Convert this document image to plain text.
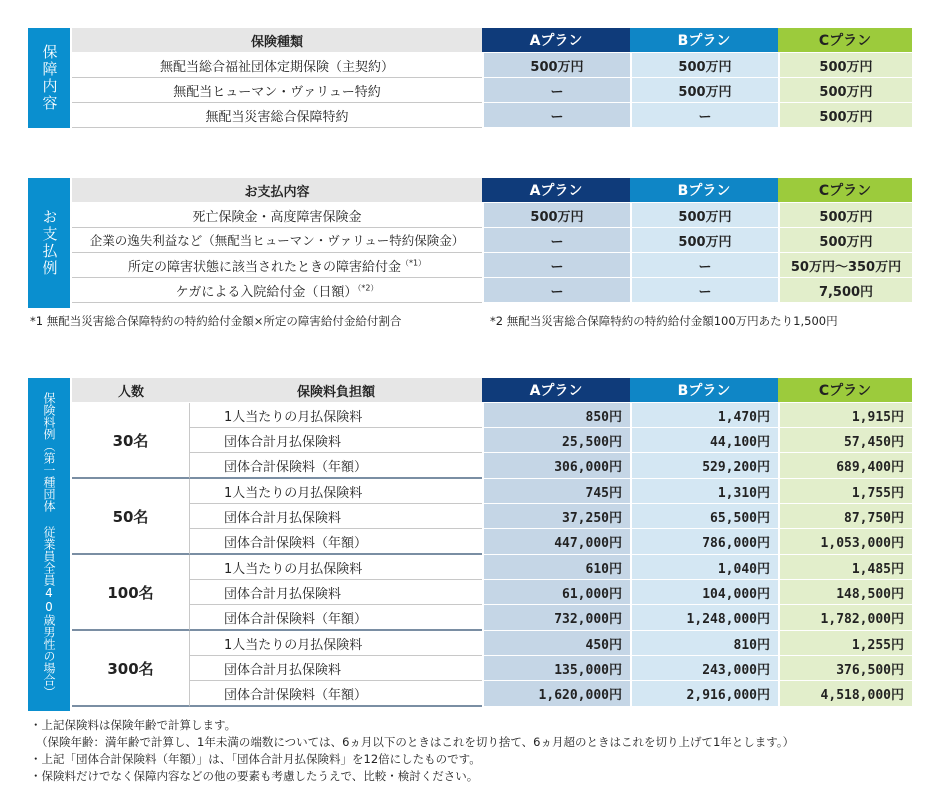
保障内容
保険種類	Aプラン	Bプラン	Cプラン
無配当総合福祉団体定期保険（主契約）	500万円	500万円	500万円
無配当ヒューマン・ヴァリュー特約	ー	500万円	500万円
無配当災害総合保障特約	ー	ー	500万円
お支払例
お支払内容	Aプラン	Bプラン	Cプラン
死亡保険金・高度障害保険金	500万円	500万円	500万円
企業の逸失利益など（無配当ヒューマン・ヴァリュー特約保険金）	ー	500万円	500万円
所定の障害状態に該当されたときの障害給付金$^{(*1)}$	ー	ー	50万円〜350万円
ケガによる入院給付金（日額）$^{(*2)}$	ー	ー	7,500円
*1 無配当災害総合保障特約の特約給付金額×所定の障害給付金給付割合	*2 無配当災害総合保障特約の特約給付金額100万円あたり1,500円
保険料例（第一種団体 従業員全員40歳男性の場合）	人数	保険料負担額	Aプラン	Bプラン	Cプラン
30名	1人当たりの月払保険料	850円	1,470円	1,915円
	団体合計月払保険料	25,500円	44,100円	57,450円
	団体合計保険料（年額）	306,000円	529,200円	689,400円
50名	1人当たりの月払保険料	745円	1,310円	1,755円
	団体合計月払保険料	37,250円	65,500円	87,750円
	団体合計保険料（年額）	447,000円	786,000円	1,053,000円
100名	1人当たりの月払保険料	610円	1,040円	1,485円
	団体合計月払保険料	61,000円	104,000円	148,500円
	団体合計保険料（年額）	732,000円	1,248,000円	1,782,000円
300名	1人当たりの月払保険料	450円	810円	1,255円
	団体合計月払保険料	135,000円	243,000円	376,500円
	団体合計保険料（年額）	1,620,000円	2,916,000円	4,518,000円
・上記保険料は保険年齢で計算します。
（保険年齢：満年齢で計算し、1年未満の端数については、6ヵ月以下のときはこれを切り捨て、6ヵ月超のときはこれを切り上げて1年とします。）
・上記「団体合計保険料（年額）」は、「団体合計月払保険料」を12倍にしたものです。
・保険料だけでなく保障内容などの他の要素も考慮したうえで、比較・検討ください。
